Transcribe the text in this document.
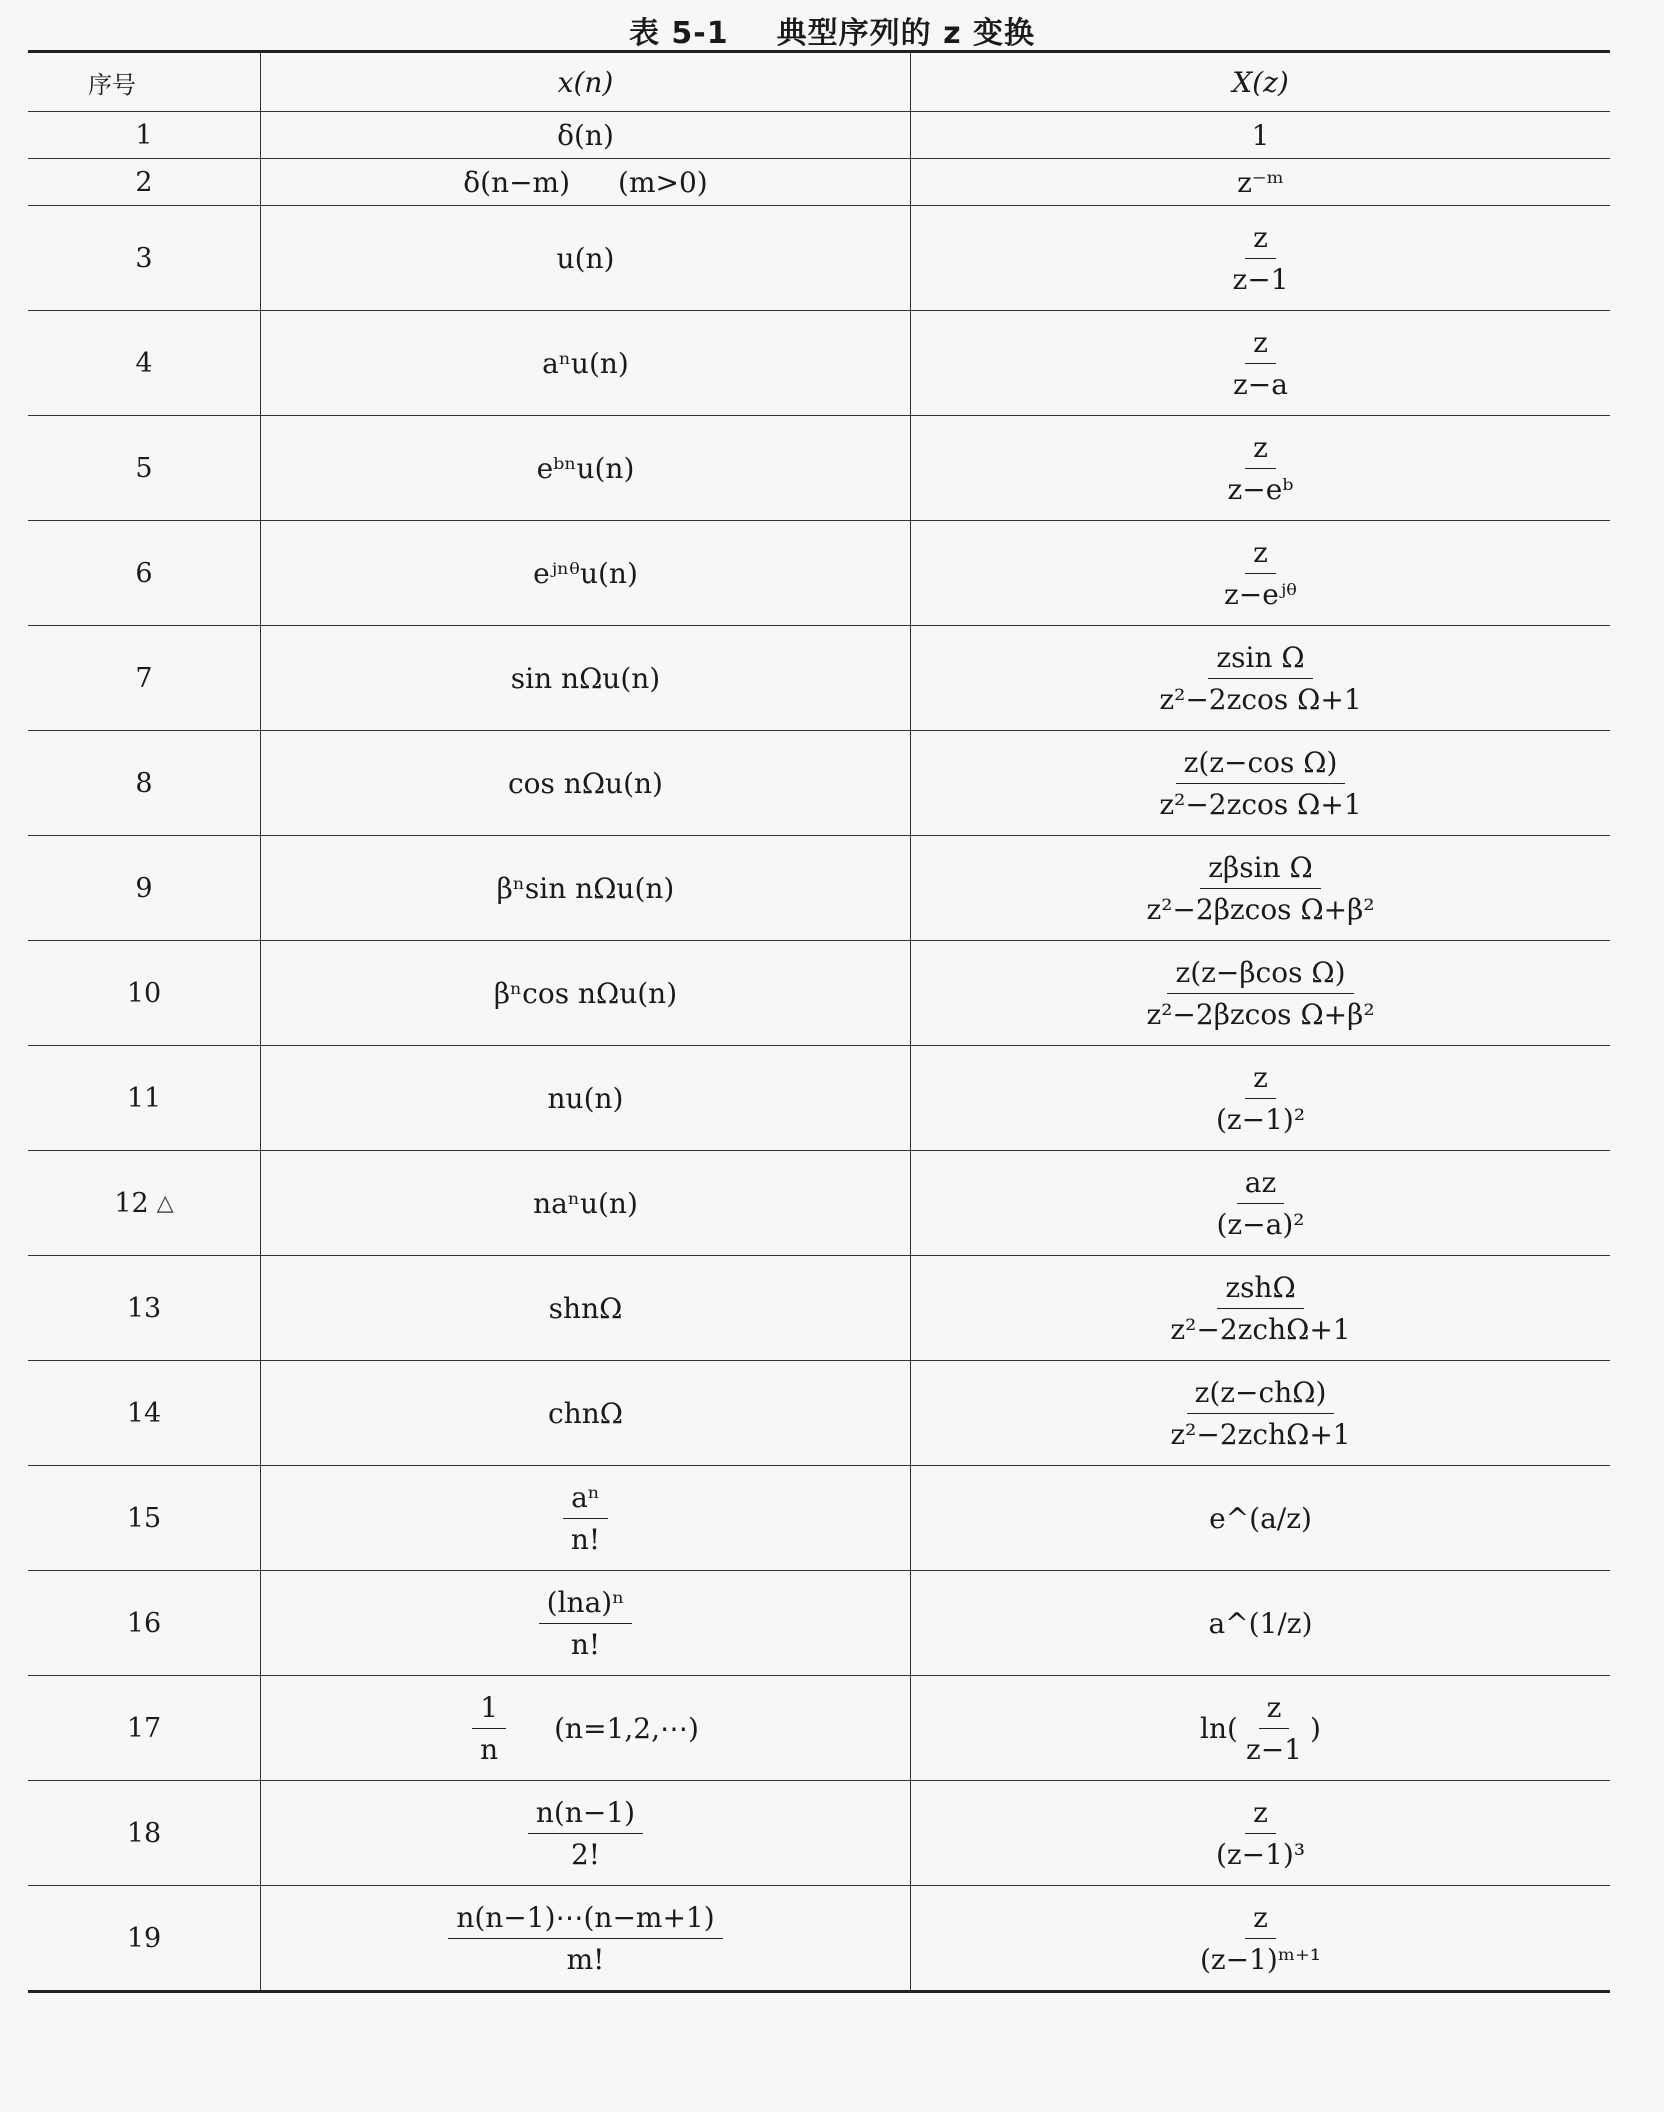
表 5-1 典型序列的 z 变换
序号	x(n)	X(z)
1	δ(n)	1
2	δ(n−m) (m>0)	z⁻ᵐ
3	u(n)	$\frac{z}{z-1}$
4	aⁿu(n)	$\frac{z}{z-a}$
5	eᵇⁿu(n)	$\frac{z}{\text{z−eᵇ}}$
6	eʲⁿᶿu(n)	$\frac{z}{\text{z−eʲᶿ}}$
7	sin nΩu(n)	$\frac{\text{zsin Ω}}{\text{z²−2zcos Ω+1}}$
8	cos nΩu(n)	$\frac{\text{z(z−cos Ω)}}{\text{z²−2zcos Ω+1}}$
9	βⁿsin nΩu(n)	$\frac{\text{zβsin Ω}}{\text{z²−2βzcos Ω+β²}}$
10	βⁿcos nΩu(n)	$\frac{\text{z(z−βcos Ω)}}{\text{z²−2βzcos Ω+β²}}$
11	nu(n)	$\frac{z}{\text{(z−1)²}}$
12 △	naⁿu(n)	$\frac{az}{\text{(z−a)²}}$
13	shnΩ	$\frac{\text{zshΩ}}{\text{z²−2zchΩ+1}}$
14	chnΩ	$\frac{\text{z(z−chΩ)}}{\text{z²−2zchΩ+1}}$
15	$\frac{\text{aⁿ}}{n!}$	e^(a/z)
16	$\frac{\text{(lna)ⁿ}}{n!}$	a^(1/z)
17	$\frac{1}{n}$ (n=1,2,⋯)	$\ln( \frac{z}{z-1}$ )
18	$\frac{n(n-1)}{2!}$	$\frac{z}{\text{(z−1)³}}$
19	$\frac{n(n-1)\cdots(n-m+1)}{m!}$	$\frac{z}{\text{(z−1)ᵐ⁺¹}}$
